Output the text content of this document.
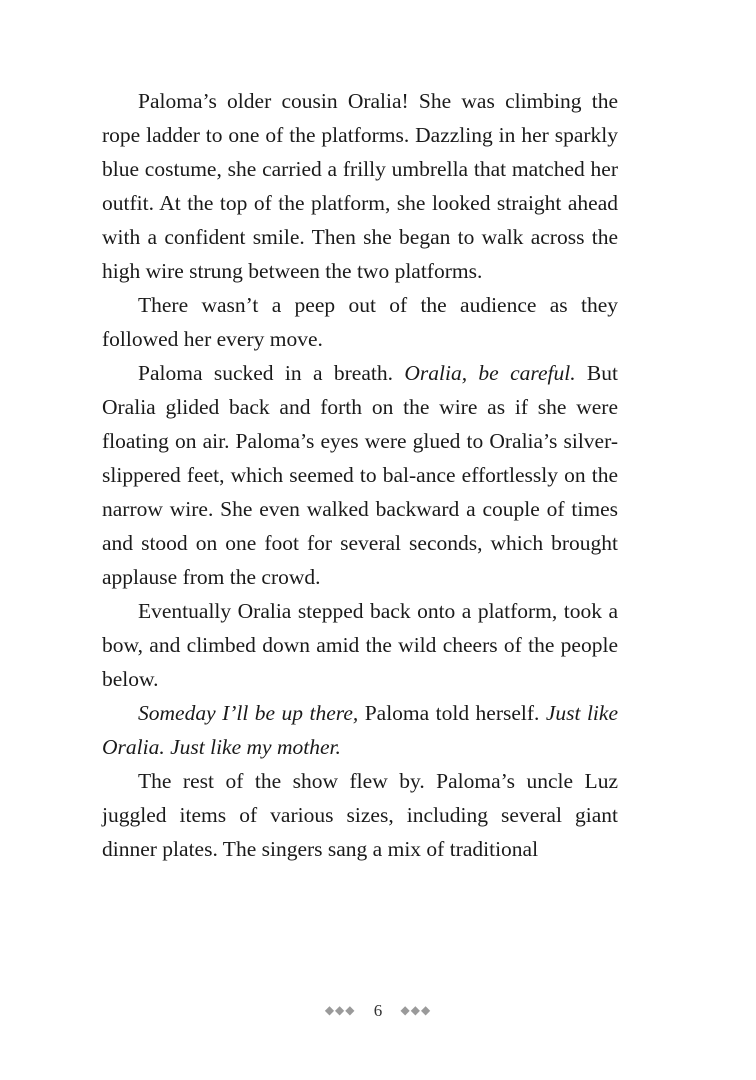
Paloma’s older cousin Oralia! She was climbing the rope ladder to one of the platforms. Dazzling in her sparkly blue costume, she carried a frilly umbrella that matched her outfit. At the top of the platform, she looked straight ahead with a confident smile. Then she began to walk across the high wire strung between the two platforms.

There wasn’t a peep out of the audience as they followed her every move.

Paloma sucked in a breath. Oralia, be careful. But Oralia glided back and forth on the wire as if she were floating on air. Paloma’s eyes were glued to Oralia’s silver-slippered feet, which seemed to bal-ance effortlessly on the narrow wire. She even walked backward a couple of times and stood on one foot for several seconds, which brought applause from the crowd.

Eventually Oralia stepped back onto a platform, took a bow, and climbed down amid the wild cheers of the people below.

Someday I’ll be up there, Paloma told herself. Just like Oralia. Just like my mother.

The rest of the show flew by. Paloma’s uncle Luz juggled items of various sizes, including several giant dinner plates. The singers sang a mix of traditional

◆◆◆ 6 ◆◆◆
